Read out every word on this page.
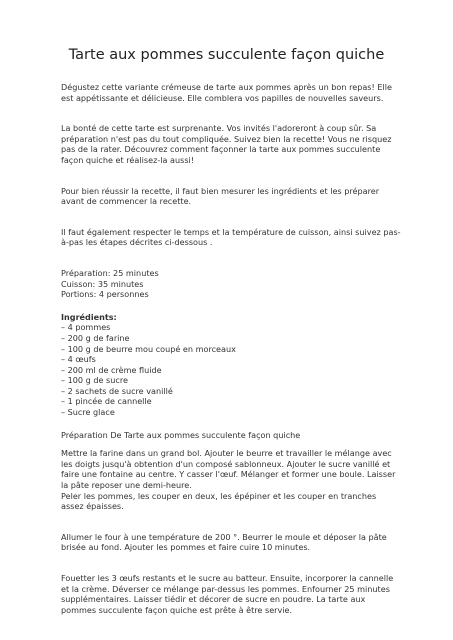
Tarte aux pommes succulente façon quiche

Dégustez cette variante crémeuse de tarte aux pommes après un bon repas! Elle est appétissante et délicieuse. Elle comblera vos papilles de nouvelles saveurs.

La bonté de cette tarte est surprenante. Vos invités l'adoreront à coup sûr. Sa préparation n'est pas du tout compliquée. Suivez bien la recette! Vous ne risquez pas de la rater. Découvrez comment façonner la tarte aux pommes succulente façon quiche et réalisez-la aussi!

Pour bien réussir la recette, il faut bien mesurer les ingrédients et les préparer avant de commencer la recette.

Il faut également respecter le temps et la température de cuisson, ainsi suivez pas-à-pas les étapes décrites ci-dessous .

Préparation: 25 minutes

Cuisson: 35 minutes

Portions: 4 personnes

Ingrédients:

– 4 pommes
– 200 g de farine
– 100 g de beurre mou coupé en morceaux
– 4 œufs
– 200 ml de crème fluide
– 100 g de sucre
– 2 sachets de sucre vanillé
– 1 pincée de cannelle
– Sucre glace

Préparation De Tarte aux pommes succulente façon quiche

Mettre la farine dans un grand bol. Ajouter le beurre et travailler le mélange avec les doigts jusqu'à obtention d'un composé sablonneux. Ajouter le sucre vanillé et faire une fontaine au centre. Y casser l'œuf. Mélanger et former une boule. Laisser la pâte reposer une demi-heure.

Peler les pommes, les couper en deux, les épépiner et les couper en tranches assez épaisses.

Allumer le four à une température de 200 °. Beurrer le moule et déposer la pâte brisée au fond. Ajouter les pommes et faire cuire 10 minutes.

Fouetter les 3 œufs restants et le sucre au batteur. Ensuite, incorporer la cannelle et la crème. Déverser ce mélange par-dessus les pommes. Enfourner 25 minutes supplémentaires. Laisser tiédir et décorer de sucre en poudre. La tarte aux pommes succulente façon quiche est prête à être servie.
